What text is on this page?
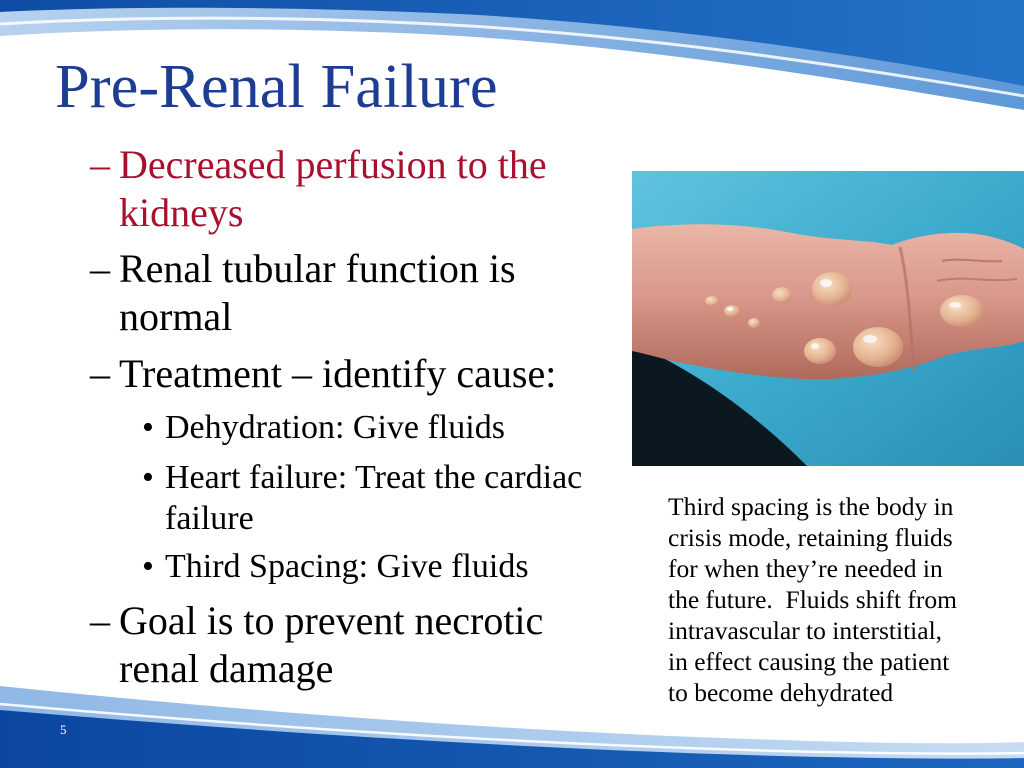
Pre-Renal Failure
– Decreased perfusion to the
kidneys
– Renal tubular function is
normal
– Treatment – identify cause:
• Dehydration: Give fluids
• Heart failure: Treat the cardiac
failure
• Third Spacing: Give fluids
– Goal is to prevent necrotic
renal damage
Third spacing is the body in
crisis mode, retaining fluids
for when they’re needed in
the future.  Fluids shift from
intravascular to interstitial,
in effect causing the patient
to become dehydrated
5
